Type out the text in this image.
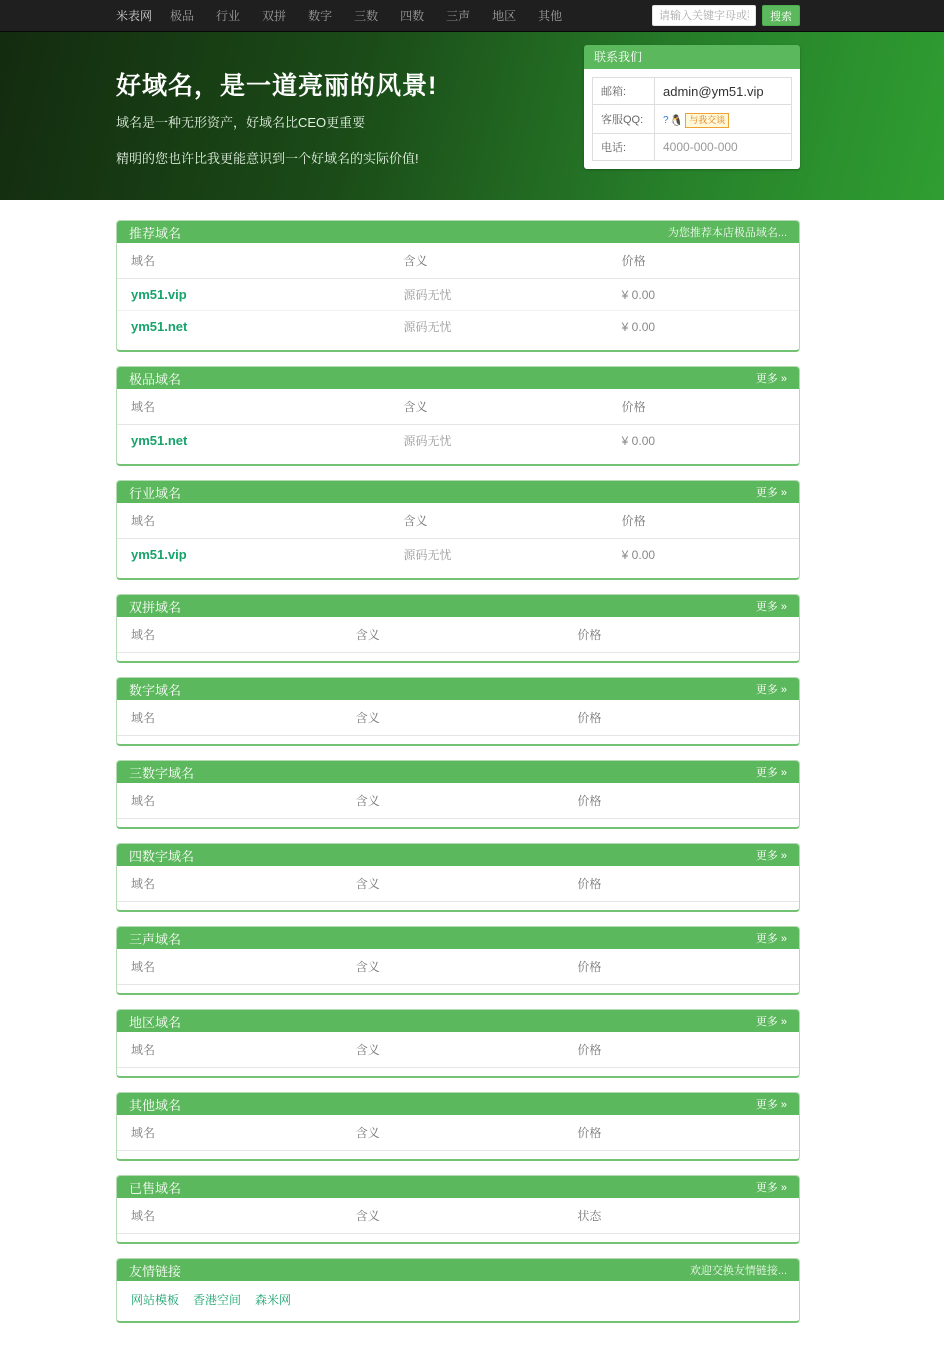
米表网 极品 行业 双拼 数字 三数 四数 三声 地区 其他
请输入关键字母或数字	搜索
好域名，是一道亮丽的风景!

域名是一种无形资产，好域名比CEO更重要

精明的您也许比我更能意识到一个好域名的实际价值!

联系我们
邮箱:	admin@ym51.vip
客服QQ:	? 🐧 与我交谈

电话:	4000-000-000
推荐域名	为您推荐本店极品域名...
域名	含义	价格
ym51.vip	源码无忧	¥ 0.00
ym51.net	源码无忧	¥ 0.00
极品域名	更多 »
域名	含义	价格
ym51.net	源码无忧	¥ 0.00
行业域名	更多 »
域名	含义	价格
ym51.vip	源码无忧	¥ 0.00
双拼域名	更多 »
域名	含义	价格
数字域名	更多 »
域名	含义	价格
三数字域名	更多 »
域名	含义	价格
四数字域名	更多 »
域名	含义	价格
三声域名	更多 »
域名	含义	价格
地区域名	更多 »
域名	含义	价格
其他域名	更多 »
域名	含义	价格
已售域名	更多 »
域名	含义	状态
友情链接	欢迎交换友情链接...
网站模板 香港空间 森米网
